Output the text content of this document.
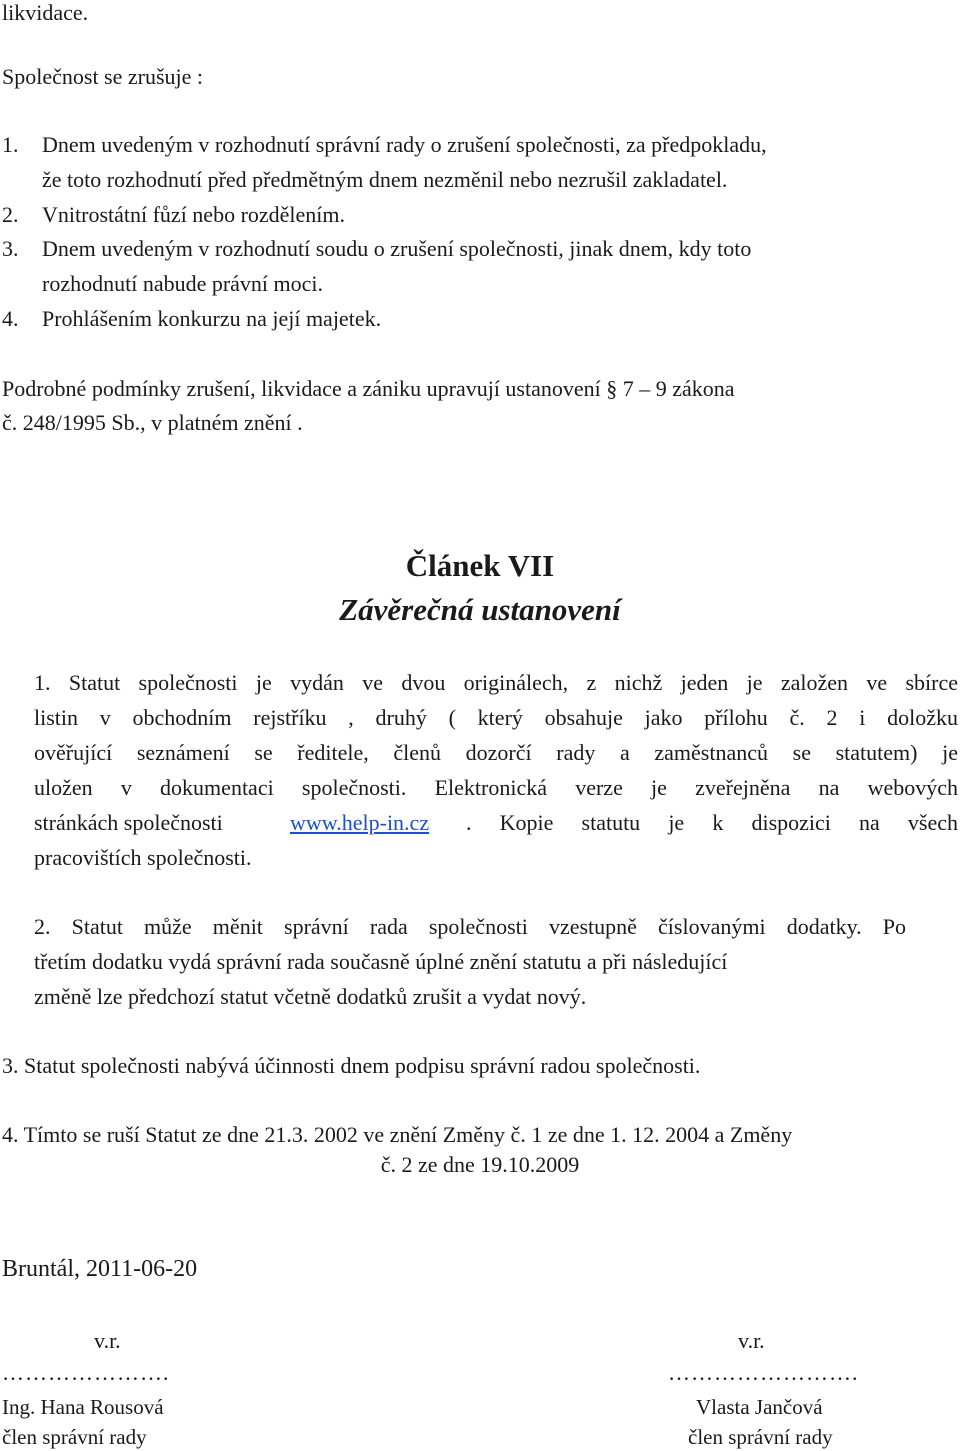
likvidace.
Společnost se zrušuje :
1. Dnem uvedeným v rozhodnutí správní rady o zrušení společnosti, za předpokladu,
že toto rozhodnutí před předmětným dnem nezměnil nebo nezrušil zakladatel.
2. Vnitrostátní fůzí nebo rozdělením.
3. Dnem uvedeným v rozhodnutí soudu o zrušení společnosti, jinak dnem, kdy toto
rozhodnutí nabude právní moci.
4. Prohlášením konkurzu na její majetek.
Podrobné podmínky zrušení, likvidace a zániku upravují ustanovení § 7 – 9 zákona
č. 248/1995 Sb., v platném znění .
Článek VII
Závěrečná ustanovení
1. Statut společnosti je vydán ve dvou originálech, z nichž jeden je založen ve sbírce
listin v obchodním rejstříku , druhý ( který obsahuje jako přílohu č. 2 i doložku
ověřující seznámení se ředitele, členů dozorčí rady a zaměstnanců se statutem) je
uložen v dokumentaci společnosti. Elektronická verze je zveřejněna na webových
stránkách společnosti	www.help-in.cz . Kopie statutu je k dispozici na všech
pracovištích společnosti.
2. Statut může měnit správní rada společnosti vzestupně číslovanými dodatky. Po
třetím dodatku vydá správní rada současně úplné znění statutu a při následující
změně lze předchozí statut včetně dodatků zrušit a vydat nový.
3. Statut společnosti nabývá účinnosti dnem podpisu správní radou společnosti.
4. Tímto se ruší Statut ze dne 21.3. 2002 ve znění Změny č. 1 ze dne 1. 12. 2004 a Změny
č. 2 ze dne 19.10.2009
Bruntál, 2011-06-20
v.r.
………………….
Ing. Hana Rousová
člen správní rady
v.r.
…………………….
Vlasta Jančová
člen správní rady
